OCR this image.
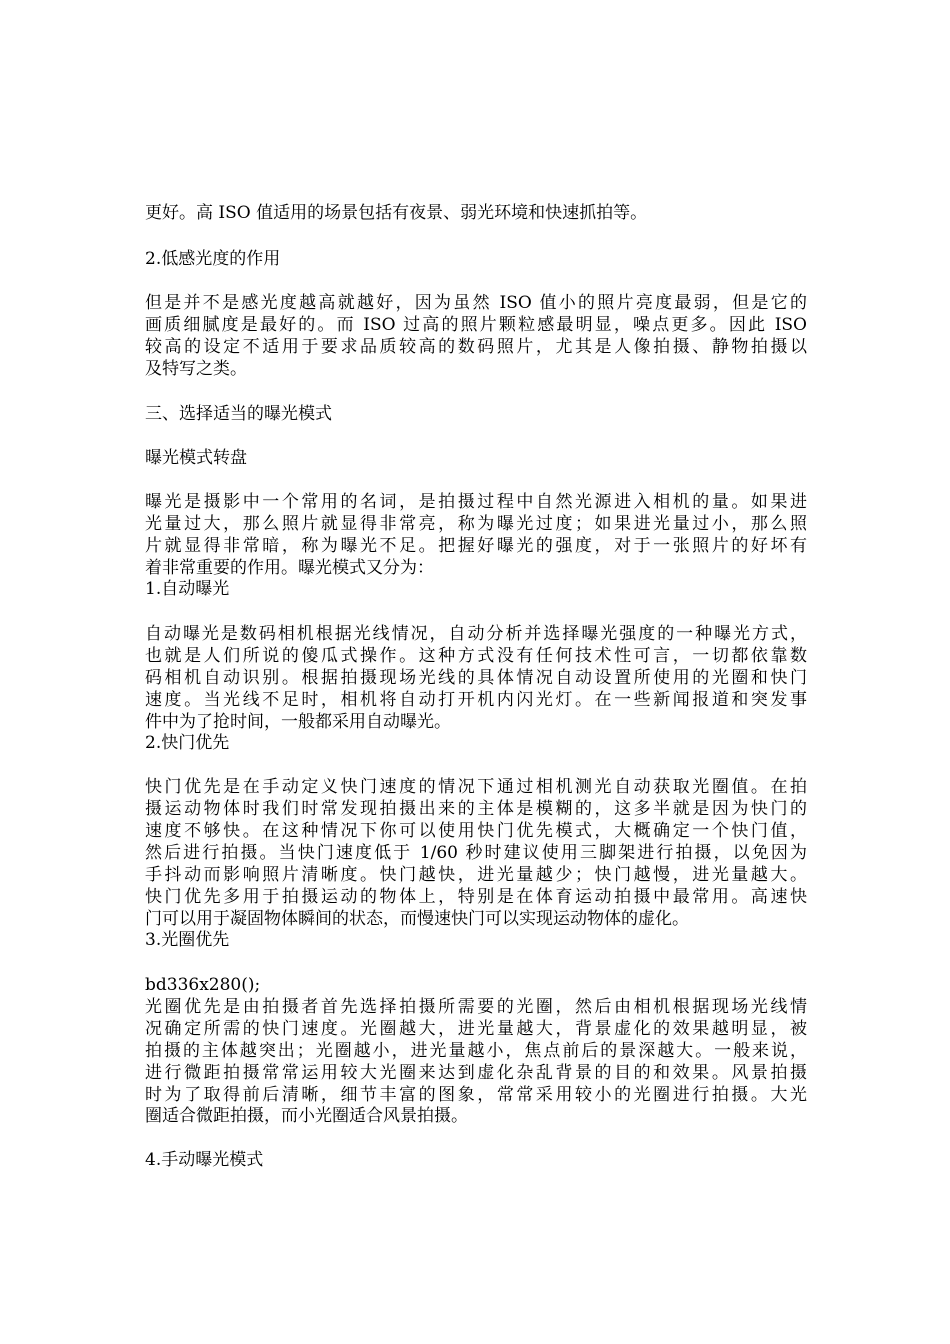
更好。高 ISO 值适用的场景包括有夜景、弱光环境和快速抓拍等。
2.低感光度的作用
但是并不是感光度越高就越好，因为虽然 ISO 值小的照片亮度最弱，但是它的
画质细腻度是最好的。而 ISO 过高的照片颗粒感最明显，噪点更多。因此 ISO
较高的设定不适用于要求品质较高的数码照片，尤其是人像拍摄、静物拍摄以
及特写之类。
三、选择适当的曝光模式
曝光模式转盘
曝光是摄影中一个常用的名词，是拍摄过程中自然光源进入相机的量。如果进
光量过大，那么照片就显得非常亮，称为曝光过度；如果进光量过小，那么照
片就显得非常暗，称为曝光不足。把握好曝光的强度，对于一张照片的好坏有
着非常重要的作用。曝光模式又分为：
1.自动曝光
自动曝光是数码相机根据光线情况，自动分析并选择曝光强度的一种曝光方式，
也就是人们所说的傻瓜式操作。这种方式没有任何技术性可言，一切都依靠数
码相机自动识别。根据拍摄现场光线的具体情况自动设置所使用的光圈和快门
速度。当光线不足时，相机将自动打开机内闪光灯。在一些新闻报道和突发事
件中为了抢时间，一般都采用自动曝光。
2.快门优先
快门优先是在手动定义快门速度的情况下通过相机测光自动获取光圈值。在拍
摄运动物体时我们时常发现拍摄出来的主体是模糊的，这多半就是因为快门的
速度不够快。在这种情况下你可以使用快门优先模式，大概确定一个快门值，
然后进行拍摄。当快门速度低于 1/60 秒时建议使用三脚架进行拍摄，以免因为
手抖动而影响照片清晰度。快门越快，进光量越少；快门越慢，进光量越大。
快门优先多用于拍摄运动的物体上，特别是在体育运动拍摄中最常用。高速快
门可以用于凝固物体瞬间的状态，而慢速快门可以实现运动物体的虚化。
3.光圈优先
bd336x280();
光圈优先是由拍摄者首先选择拍摄所需要的光圈，然后由相机根据现场光线情
况确定所需的快门速度。光圈越大，进光量越大，背景虚化的效果越明显，被
拍摄的主体越突出；光圈越小，进光量越小，焦点前后的景深越大。一般来说，
进行微距拍摄常常运用较大光圈来达到虚化杂乱背景的目的和效果。风景拍摄
时为了取得前后清晰，细节丰富的图象，常常采用较小的光圈进行拍摄。大光
圈适合微距拍摄，而小光圈适合风景拍摄。
4.手动曝光模式
